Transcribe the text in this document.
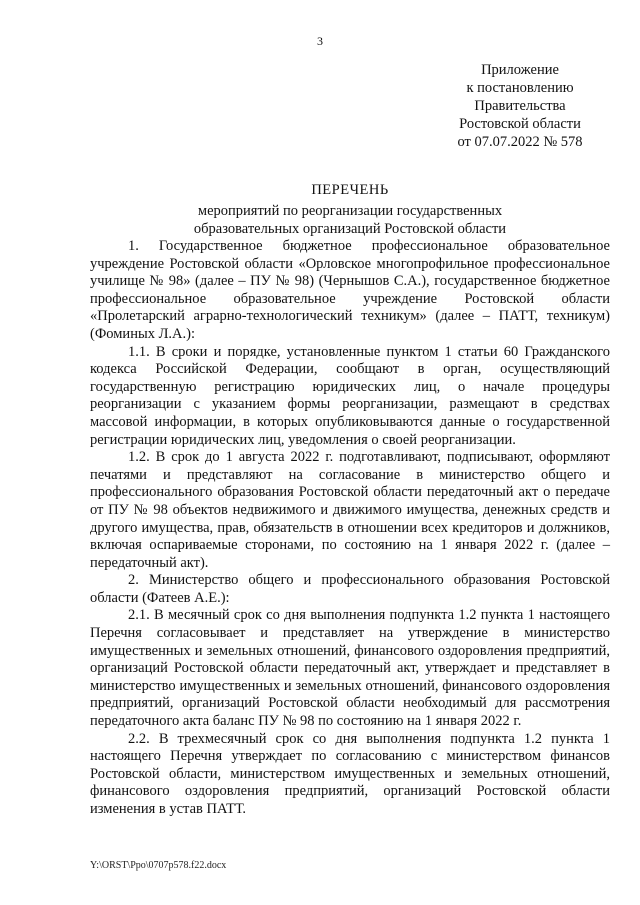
3
Приложение
к постановлению
Правительства
Ростовской области
от 07.07.2022 № 578
ПЕРЕЧЕНЬ
мероприятий по реорганизации государственных
образовательных организаций Ростовской области

1. Государственное бюджетное профессиональное образовательное учреждение Ростовской области «Орловское многопрофильное профессиональное училище № 98» (далее – ПУ № 98) (Чернышов С.А.), государственное бюджетное профессиональное образовательное учреждение Ростовской области «Пролетарский аграрно-технологический техникум» (далее – ПАТТ, техникум) (Фоминых Л.А.):

1.1. В сроки и порядке, установленные пунктом 1 статьи 60 Гражданского кодекса Российской Федерации, сообщают в орган, осуществляющий государственную регистрацию юридических лиц, о начале процедуры реорганизации с указанием формы реорганизации, размещают в средствах массовой информации, в которых опубликовываются данные о государственной регистрации юридических лиц, уведомления о своей реорганизации.

1.2. В срок до 1 августа 2022 г. подготавливают, подписывают, оформляют печатями и представляют на согласование в министерство общего и профессионального образования Ростовской области передаточный акт о передаче от ПУ № 98 объектов недвижимого и движимого имущества, денежных средств и другого имущества, прав, обязательств в отношении всех кредиторов и должников, включая оспариваемые сторонами, по состоянию на 1 января 2022 г. (далее – передаточный акт).

2. Министерство общего и профессионального образования Ростовской области (Фатеев А.Е.):

2.1. В месячный срок со дня выполнения подпункта 1.2 пункта 1 настоящего Перечня согласовывает и представляет на утверждение в министерство имущественных и земельных отношений, финансового оздоровления предприятий, организаций Ростовской области передаточный акт, утверждает и представляет в министерство имущественных и земельных отношений, финансового оздоровления предприятий, организаций Ростовской области необходимый для рассмотрения передаточного акта баланс ПУ № 98 по состоянию на 1 января 2022 г.

2.2. В трехмесячный срок со дня выполнения подпункта 1.2 пункта 1 настоящего Перечня утверждает по согласованию с министерством финансов Ростовской области, министерством имущественных и земельных отношений, финансового оздоровления предприятий, организаций Ростовской области изменения в устав ПАТТ.

Y:\ORST\Ppo\0707p578.f22.docx
